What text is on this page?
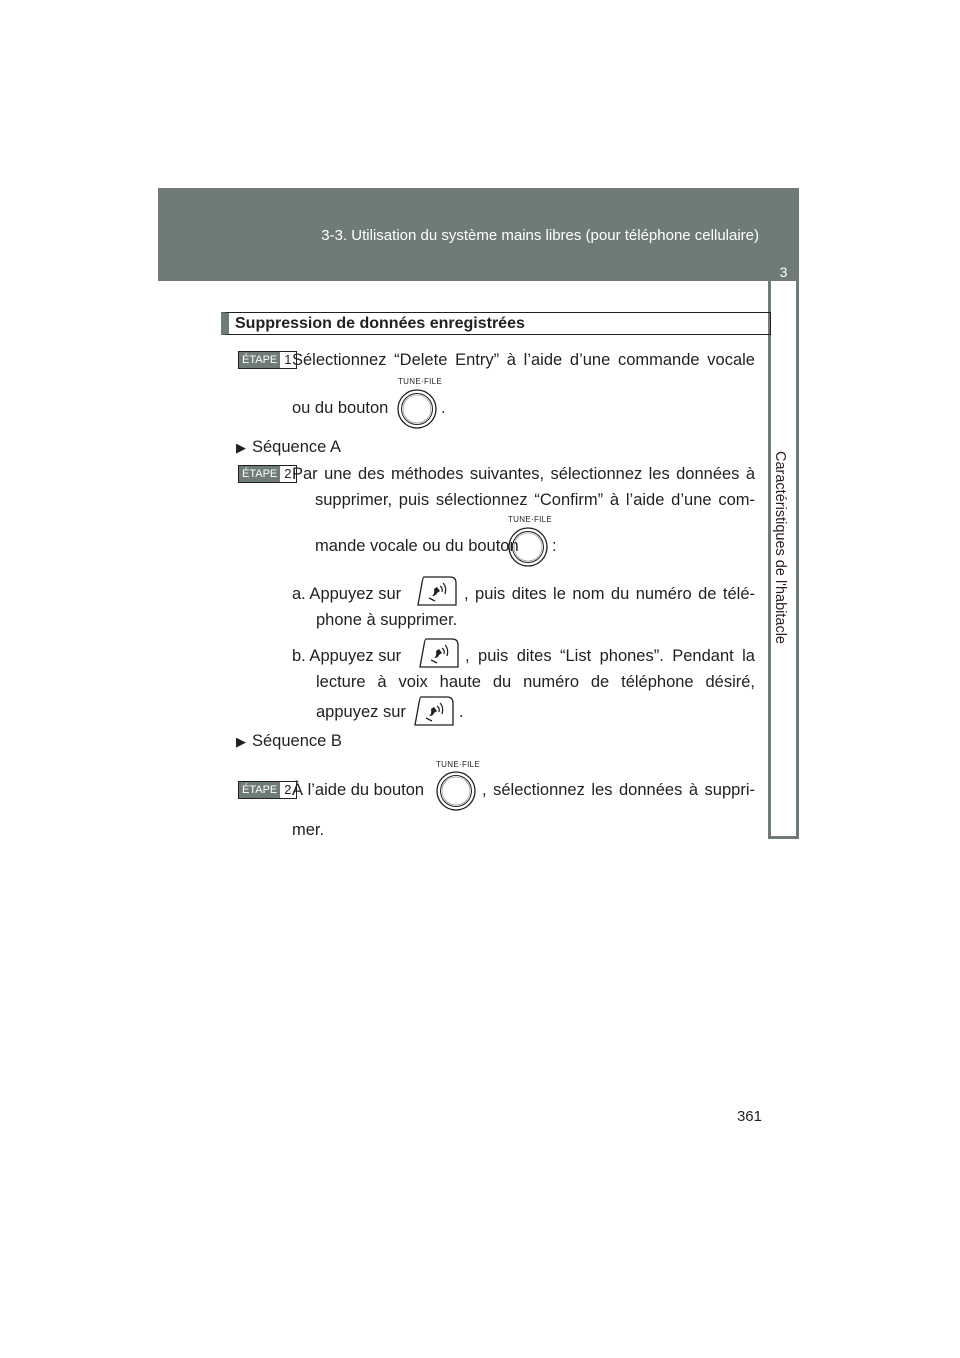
3-3. Utilisation du système mains libres (pour téléphone cellulaire)
3
Caractéristiques de l'habitacle
Suppression de données enregistrées
ÉTAPE 1 Sélectionnez “Delete Entry” à l’aide d’une commande vocale
ou du bouton
TUNE·FILE
.
▶ Séquence A
ÉTAPE 2 Par une des méthodes suivantes, sélectionnez les données à
supprimer, puis sélectionnez “Confirm” à l’aide d’une com-
mande vocale ou du bouton
TUNE·FILE
:
a. Appuyez sur	, puis dites le nom du numéro de télé-
phone à supprimer.
b. Appuyez sur	, puis dites “List phones”. Pendant la
lecture à voix haute du numéro de téléphone désiré,
appuyez sur	.
▶ Séquence B
ÉTAPE 2 À l’aide du bouton
TUNE·FILE
, sélectionnez les données à suppri-
mer.
361
